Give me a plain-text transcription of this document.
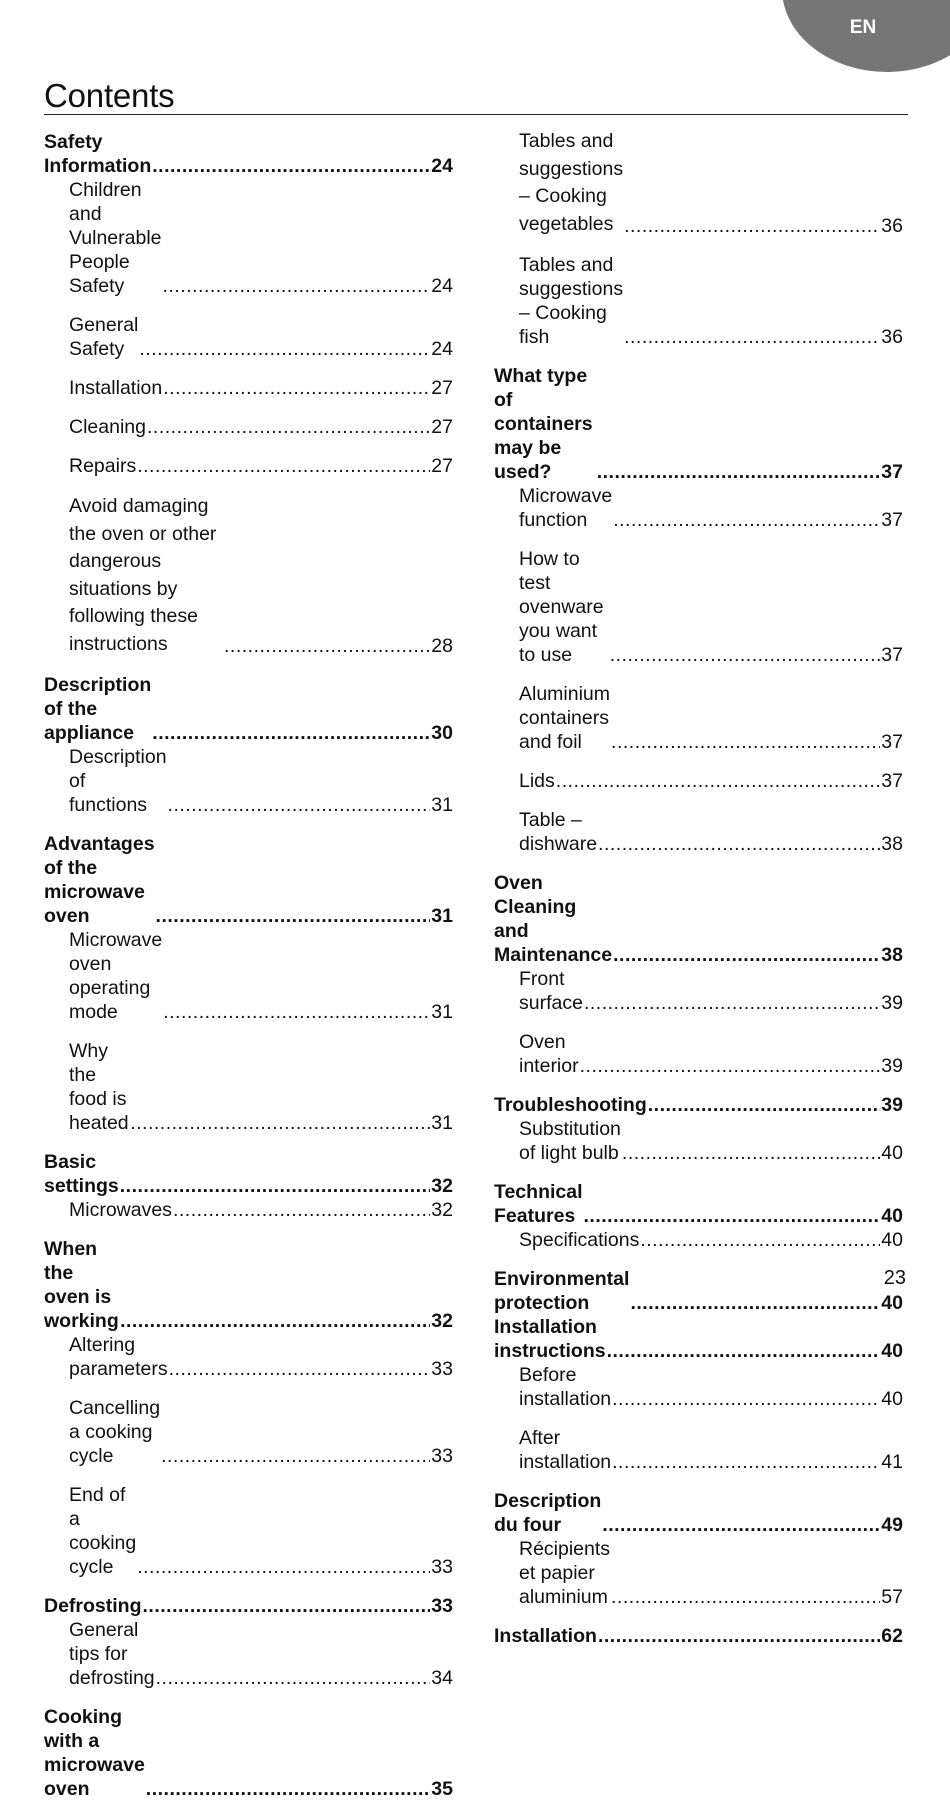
EN
Contents
Safety Information .....	24
Children and Vulnerable People Safety .....	24
General Safety .....	24
Installation .....	27
Cleaning .....	27
Repairs .....	27
Avoid damaging the oven or other dangerous situations by following these instructions .....	28
Description of the appliance .....	30
Description of functions .....	31
Advantages of the microwave oven .....	31
Microwave oven operating mode .....	31
Why the food is heated .....	31
Basic settings .....	32
Microwaves .....	32
When the oven is working .....	32
Altering parameters .....	33
Cancelling a cooking cycle .....	33
End of a cooking cycle .....	33
Defrosting .....	33
General tips for defrosting .....	34
Cooking with a microwave oven .....	35
Tables and suggestions – Cooking vegetables .....	36
Tables and suggestions – Cooking fish .....	36
What type of containers may be used? .....	37
Microwave function .....	37
How to test ovenware you want to use .....	37
Aluminium containers and foil .....	37
Lids .....	37
Table – dishware .....	38
Oven Cleaning and Maintenance .....	38
Front surface .....	39
Oven interior .....	39
Troubleshooting .....	39
Substitution of light bulb .....	40
Technical Features .....	40
Specifications .....	40
Environmental protection .....	40
Installation instructions .....	40
Before installation .....	40
After installation .....	41
Description du four .....	49
Récipients et papier aluminium .....	57
Installation .....	62
23
